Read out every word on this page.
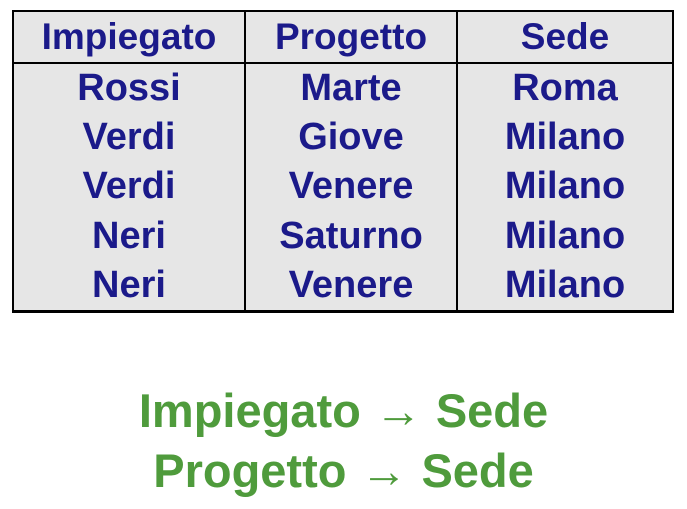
Impiegato	Progetto	Sede
Rossi	Marte	Roma
Verdi	Giove	Milano
Verdi	Venere	Milano
Neri	Saturno	Milano
Neri	Venere	Milano
Impiegato → Sede
Progetto → Sede
